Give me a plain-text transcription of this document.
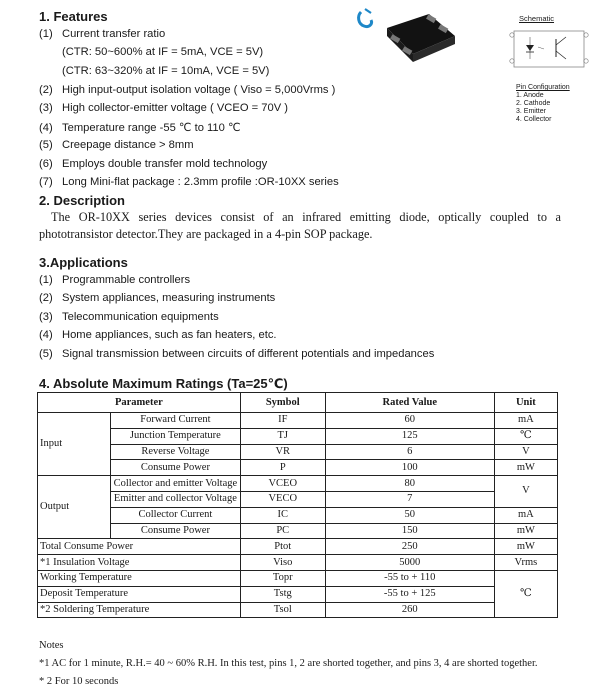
1. Features
(1) Current transfer ratio
(CTR: 50~600% at IF = 5mA, VCE = 5V)
(CTR: 63~320% at IF = 10mA, VCE = 5V)
(2) High input-output isolation voltage ( Viso = 5,000Vrms )
(3) High collector-emitter voltage ( VCEO = 70V )
(4) Temperature range -55 ℃ to 110 ℃
(5) Creepage distance > 8mm
(6) Employs double transfer mold technology
(7) Long Mini-flat package : 2.3mm profile :OR-10XX series
Schematic
Pin Configuration
1. Anode
2. Cathode
3. Emitter
4. Collector
2. Description
The OR-10XX series devices consist of an infrared emitting diode, optically coupled to a phototransistor detector.They are packaged in a 4-pin SOP package.
3.Applications
(1) Programmable controllers
(2) System appliances, measuring instruments
(3) Telecommunication equipments
(4) Home appliances, such as fan heaters, etc.
(5) Signal transmission between circuits of different potentials and impedances
4. Absolute Maximum Ratings (Ta=25℃)
Parameter		Symbol	Rated Value	Unit
Input	Forward Current	IF	60	mA
	Junction Temperature	TJ	125	℃
	Reverse Voltage	VR	6	V
	Consume Power	P	100	mW
Output	Collector and emitter Voltage	VCEO	80	V
	Emitter and collector Voltage	VECO	7	
	Collector Current	IC	50	mA
	Consume Power	PC	150	mW
Total Consume Power		Ptot	250	mW
*1 Insulation Voltage		Viso	5000	Vrms
Working Temperature		Topr	-55 to + 110	℃
Deposit Temperature		Tstg	-55 to + 125	
*2 Soldering Temperature		Tsol	260	
Notes
*1 AC for 1 minute, R.H.= 40 ~ 60% R.H. In this test, pins 1, 2 are shorted together, and pins 3, 4 are shorted together.
* 2 For 10 seconds
